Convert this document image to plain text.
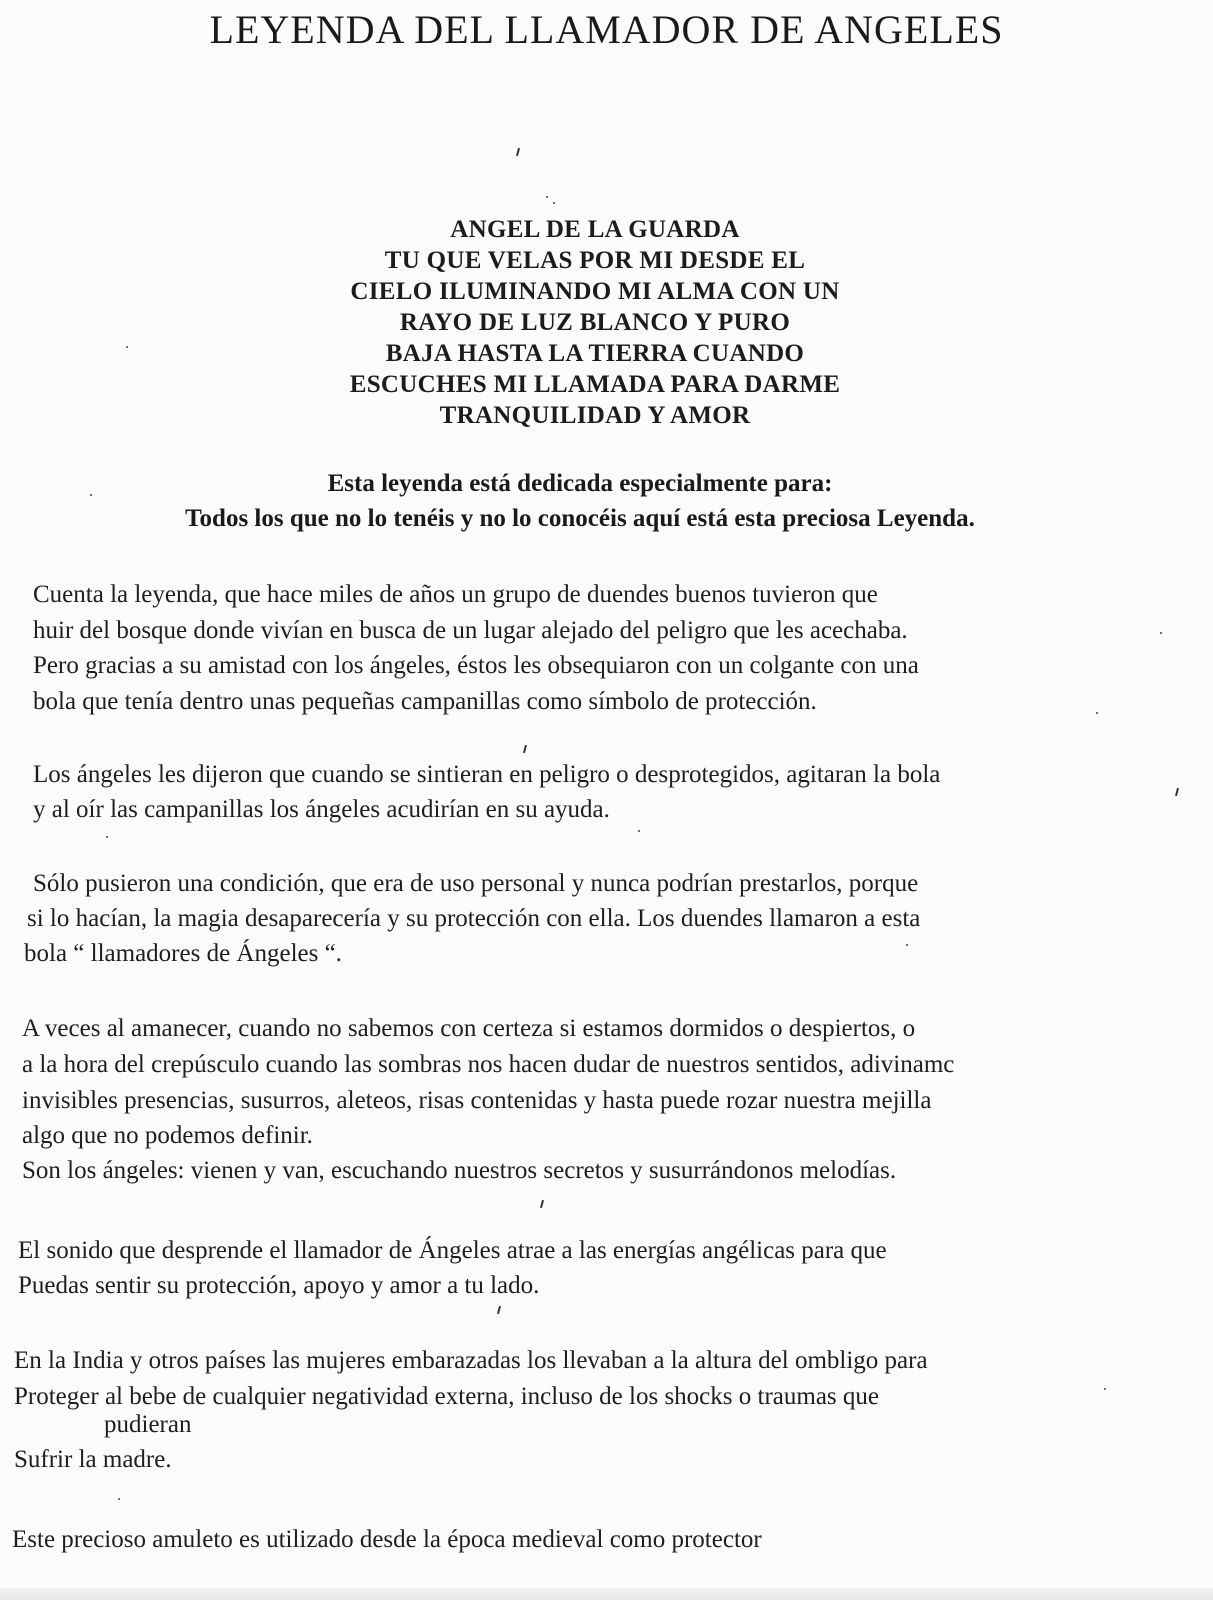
LEYENDA DEL LLAMADOR DE ANGELES
ANGEL DE LA GUARDA
TU QUE VELAS POR MI DESDE EL
CIELO ILUMINANDO MI ALMA CON UN
RAYO DE LUZ BLANCO Y PURO
BAJA HASTA LA TIERRA CUANDO
ESCUCHES MI LLAMADA PARA DARME
TRANQUILIDAD Y AMOR
Esta leyenda está dedicada especialmente para:
Todos los que no lo tenéis y no lo conocéis aquí está esta preciosa Leyenda.
Cuenta la leyenda, que hace miles de años un grupo de duendes buenos tuvieron que
huir del bosque donde vivían en busca de un lugar alejado del peligro que les acechaba.
Pero gracias a su amistad con los ángeles, éstos les obsequiaron con un colgante con una
bola que tenía dentro unas pequeñas campanillas como símbolo de protección.
Los ángeles les dijeron que cuando se sintieran en peligro o desprotegidos, agitaran la bola
y al oír las campanillas los ángeles acudirían en su ayuda.
Sólo pusieron una condición, que era de uso personal y nunca podrían prestarlos, porque
si lo hacían, la magia desaparecería y su protección con ella. Los duendes llamaron a esta
bola “ llamadores de Ángeles “.
A veces al amanecer, cuando no sabemos con certeza si estamos dormidos o despiertos, o
a la hora del crepúsculo cuando las sombras nos hacen dudar de nuestros sentidos, adivinamc
invisibles presencias, susurros, aleteos, risas contenidas y hasta puede rozar nuestra mejilla
algo que no podemos definir.
Son los ángeles: vienen y van, escuchando nuestros secretos y susurrándonos melodías.
El sonido que desprende el llamador de Ángeles atrae a las energías angélicas para que
Puedas sentir su protección, apoyo y amor a tu lado.
En la India y otros países las mujeres embarazadas los llevaban a la altura del ombligo para
Proteger al bebe de cualquier negatividad externa, incluso de los shocks o traumas que
pudieran
Sufrir la madre.
Este precioso amuleto es utilizado desde la época medieval como protector
